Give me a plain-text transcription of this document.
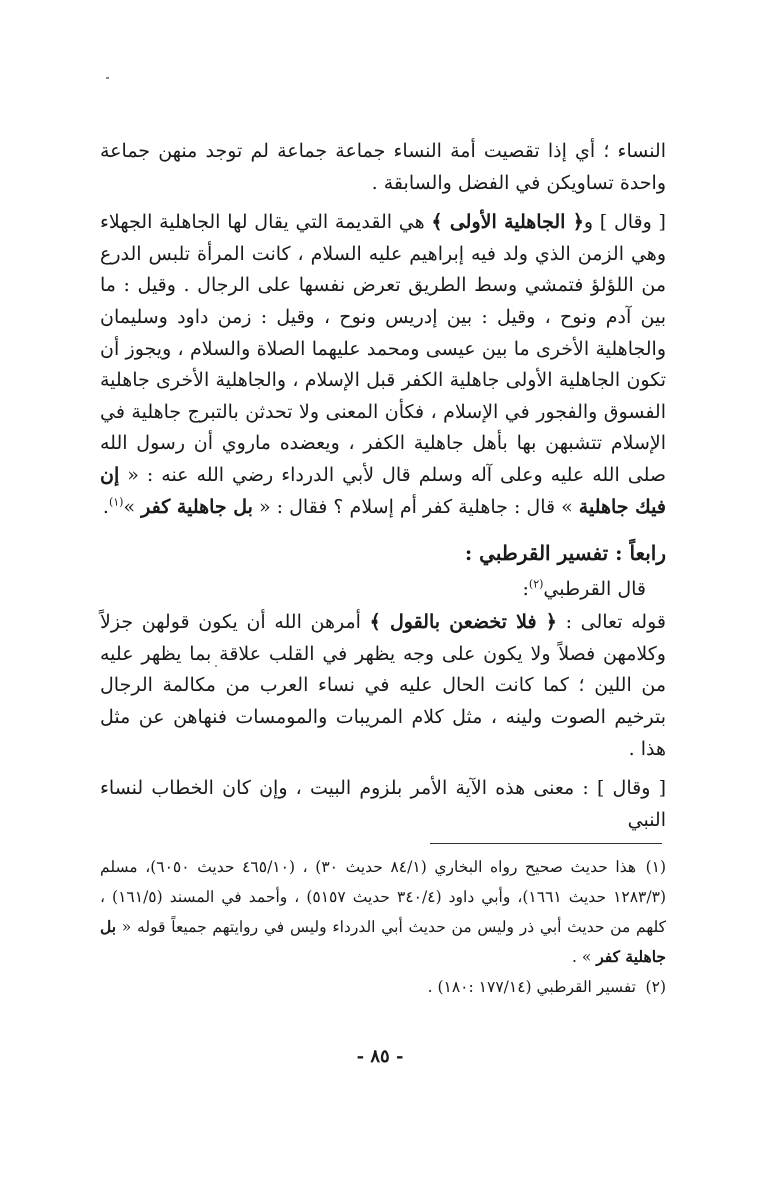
النساء ؛ أي إذا تقصيت أمة النساء جماعة جماعة لم توجد منهن جماعة واحدة تساويكن في الفضل والسابقة .

[ وقال ] و﴿ الجاهلية الأولى ﴾ هي القديمة التي يقال لها الجاهلية الجهلاء وهي الزمن الذي ولد فيه إبراهيم عليه السلام ، كانت المرأة تلبس الدرع من اللؤلؤ فتمشي وسط الطريق تعرض نفسها على الرجال . وقيل : ما بين آدم ونوح ، وقيل : بين إدريس ونوح ، وقيل : زمن داود وسليمان والجاهلية الأخرى ما بين عيسى ومحمد عليهما الصلاة والسلام ، ويجوز أن تكون الجاهلية الأولى جاهلية الكفر قبل الإسلام ، والجاهلية الأخرى جاهلية الفسوق والفجور في الإسلام ، فكأن المعنى ولا تحدثن بالتبرج جاهلية في الإسلام تتشبهن بها بأهل جاهلية الكفر ، ويعضده ماروي أن رسول الله صلى الله عليه وعلى آله وسلم قال لأبي الدرداء رضي الله عنه : « إن فيك جاهلية » قال : جاهلية كفر أم إسلام ؟ فقال : « بل جاهلية كفر »$^{(١)}$.

رابعاً : تفسير القرطبي :
قال القرطبي$^{(٢)}$:

قوله تعالى : ﴿ فلا تخضعن بالقول ﴾ أمرهن الله أن يكون قولهن جزلاً وكلامهن فصلاً ولا يكون على وجه يظهر في القلب علاقة بما يظهر عليه من اللين ؛ كما كانت الحال عليه في نساء العرب من مكالمة الرجال بترخيم الصوت ولينه ، مثل كلام المريبات والمومسات فنهاهن عن مثل هذا .

[ وقال ] : معنى هذه الآية الأمر بلزوم البيت ، وإن كان الخطاب لنساء النبي

(١)هذا حديث صحيح رواه البخاري (٨٤/١ حديث ٣٠) ، (٤٦٥/١٠ حديث ٦٠٥٠)، مسلم (١٢٨٣/٣ حديث ١٦٦١)، وأبي داود (٣٤٠/٤ حديث ٥١٥٧) ، وأحمد في المسند (١٦١/٥) ، كلهم من حديث أبي ذر وليس من حديث أبي الدرداء وليس في روايتهم جميعاً قوله « بل جاهلية كفر » .

(٢)تفسير القرطبي (١٧٧/١٤ :١٨٠) .

- ٨٥ -
